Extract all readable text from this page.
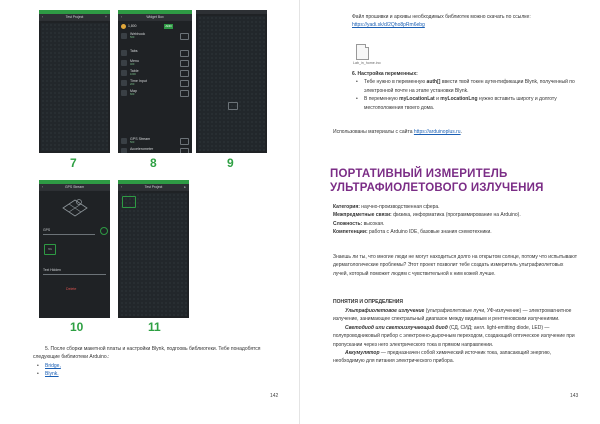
‹	Test Project	+	‹	Widget Box
1,800	ADD
Webhook
500
Tabs
Menu
400
Table
1000
Time Input
200
Map
600
GPS Stream
500
Accelerometer
7	8	9
‹	GPS Stream
GPS
V1
Text Hidden
Delete
‹	Test Project	▸
10	11

5. После сборки макетной платы и настройки Blynk, подгоовь библиотеки. Тебе понадобятся следующие библиотеки Arduino.:

• Bridge,
• Blynk.
142

Файл прошивки и архивы необходимых библиотек можно скачать по ссылке:

https://yadi.sk/d/2Qho8pRm6ebg

Lab_in_home.ino

6. Настройка переменных:

• Тебе нужно в переменную auth[] ввести твой токен аутентификации Blynk, полученный по электронной почте на этапе установки Blynk.
• В переменную myLocationLat и myLocationLng нужно вставить широту и долготу местоположения твоего дома.
Использованы материалы с сайта https://arduinoplus.ru.
ПОРТАТИВНЫЙ ИЗМЕРИТЕЛЬ
УЛЬТРАФИОЛЕТОВОГО ИЗЛУЧЕНИЯ

Категория: научно-производственная сфера.

Межпредметные связи: физика, информатика (программирование на Arduino).

Сложность: высокая.

Компетенции: работа с Arduino IDE, базовые знания схемотехники.

Знаешь ли ты, что многие люди не могут находиться долго на открытом солнце, потому что испытывают дерматологические проблемы? Этот проект позволит тебе создать измеритель ультрафиолетовых лучей, который поможет людям с чувствительной к ним кожей лучше.
ПОНЯТИЯ И ОПРЕДЕЛЕНИЯ

Ультрафиолетовое излучение (ультрафиолетовые лучи, УФ-излучение) — электромагнитное излучение, занимающее спектральный диапазон между видимым и рентгеновским излучениями.

Светодиод или светоизлучающий диод (СД, СИД; англ. light-emitting diode, LED) — полупроводниковый прибор с электронно-дырочным переходом, создающий оптическое излучение при пропускании через него электрического тока в прямом направлении.

Аккумулятор — предназначен собой химический источник тока, запасающий энергию, необходимую для питания электрического прибора.

143
